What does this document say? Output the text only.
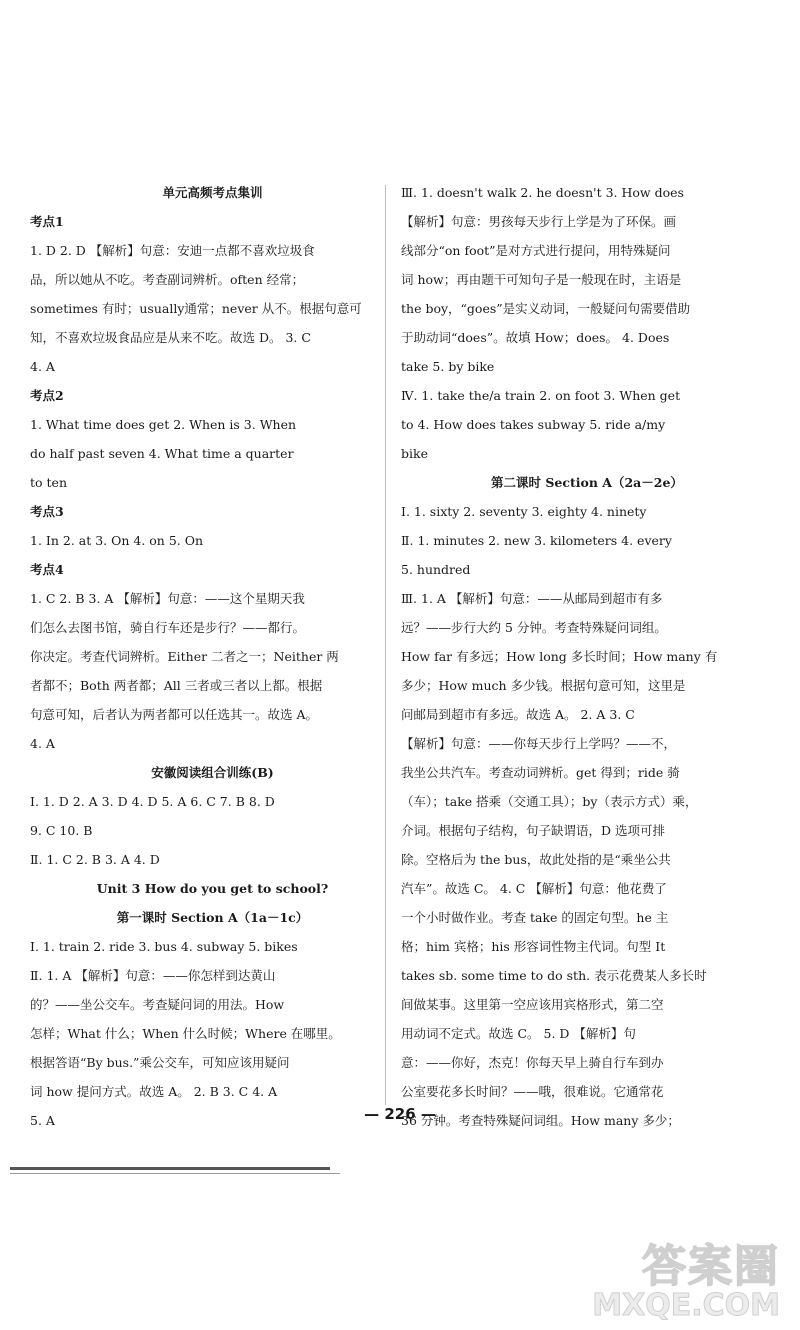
单元高频考点集训
考点1
1. D 2. D 【解析】句意：安迪一点都不喜欢垃圾食
品，所以她从不吃。考查副词辨析。often 经常；
sometimes 有时；usually通常；never 从不。根据句意可
知，不喜欢垃圾食品应是从来不吃。故选 D。 3. C
4. A
考点2
1. What time does get 2. When is 3. When
do half past seven 4. What time a quarter
to ten
考点3
1. In 2. at 3. On 4. on 5. On
考点4
1. C 2. B 3. A 【解析】句意：——这个星期天我
们怎么去图书馆，骑自行车还是步行？——都行。
你决定。考查代词辨析。Either 二者之一；Neither 两
者都不；Both 两者都；All 三者或三者以上都。根据
句意可知，后者认为两者都可以任选其一。故选 A。
4. A
安徽阅读组合训练(B)
Ⅰ. 1. D 2. A 3. D 4. D 5. A 6. C 7. B 8. D
9. C 10. B
Ⅱ. 1. C 2. B 3. A 4. D
Unit 3 How do you get to school?
第一课时 Section A（1a－1c）
Ⅰ. 1. train 2. ride 3. bus 4. subway 5. bikes
Ⅱ. 1. A 【解析】句意：——你怎样到达黄山
的？——坐公交车。考查疑问词的用法。How
怎样；What 什么；When 什么时候；Where 在哪里。
根据答语“By bus.”乘公交车，可知应该用疑问
词 how 提问方式。故选 A。 2. B 3. C 4. A
5. A
Ⅲ. 1. doesn't walk 2. he doesn't 3. How does
【解析】句意：男孩每天步行上学是为了环保。画
线部分“on foot”是对方式进行提问，用特殊疑问
词 how；再由题干可知句子是一般现在时，主语是
the boy，“goes”是实义动词，一般疑问句需要借助
于助动词“does”。故填 How；does。 4. Does
take 5. by bike
Ⅳ. 1. take the/a train 2. on foot 3. When get
to 4. How does takes subway 5. ride a/my
bike
第二课时 Section A（2a－2e）
Ⅰ. 1. sixty 2. seventy 3. eighty 4. ninety
Ⅱ. 1. minutes 2. new 3. kilometers 4. every
5. hundred
Ⅲ. 1. A 【解析】句意：——从邮局到超市有多
远？——步行大约 5 分钟。考查特殊疑问词组。
How far 有多远；How long 多长时间；How many 有
多少；How much 多少钱。根据句意可知，这里是
问邮局到超市有多远。故选 A。 2. A 3. C
【解析】句意：——你每天步行上学吗？——不，
我坐公共汽车。考查动词辨析。get 得到；ride 骑
（车）；take 搭乘（交通工具）；by（表示方式）乘，
介词。根据句子结构，句子缺谓语，D 选项可排
除。空格后为 the bus，故此处指的是“乘坐公共
汽车”。故选 C。 4. C 【解析】句意：他花费了
一个小时做作业。考查 take 的固定句型。he 主
格；him 宾格；his 形容词性物主代词。句型 It
takes sb. some time to do sth. 表示花费某人多长时
间做某事。这里第一空应该用宾格形式，第二空
用动词不定式。故选 C。 5. D 【解析】句
意：——你好，杰克！你每天早上骑自行车到办
公室要花多长时间？——哦，很难说。它通常花
36 分钟。考查特殊疑问词组。How many 多少；
— 226 —
答案圈
MXQE.COM
